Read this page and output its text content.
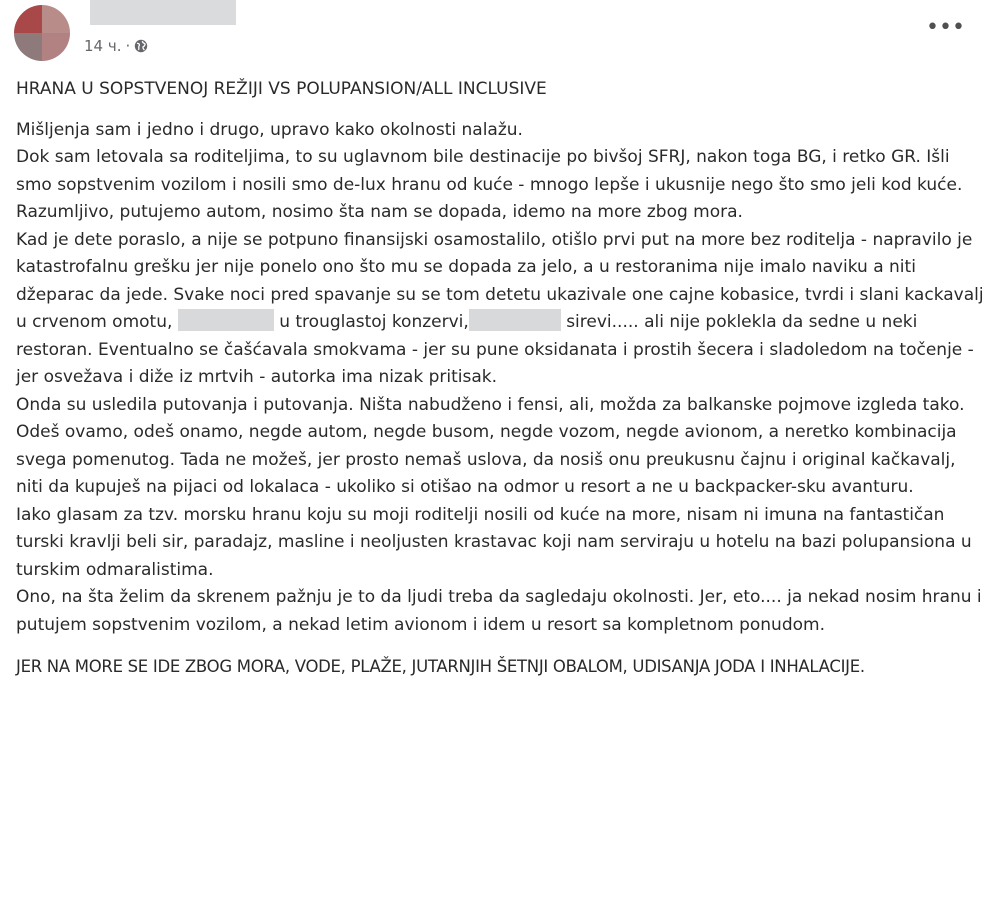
14 ч. ·
•••

HRANA U SOPSTVENOJ REŽIJI VS POLUPANSION/ALL INCLUSIVE

Mišljenja sam i jedno i drugo, upravo kako okolnosti nalažu.

Dok sam letovala sa roditeljima, to su uglavnom bile destinacije po bivšoj SFRJ, nakon toga BG, i retko GR. Išli smo sopstvenim vozilom i nosili smo de-lux hranu od kuće - mnogo lepše i ukusnije nego što smo jeli kod kuće. Razumljivo, putujemo autom, nosimo šta nam se dopada, idemo na more zbog mora.

Kad je dete poraslo, a nije se potpuno finansijski osamostalilo, otišlo prvi put na more bez roditelja - napravilo je katastrofalnu grešku jer nije ponelo ono što mu se dopada za jelo, a u restoranima nije imalo naviku a niti džeparac da jede. Svake noci pred spavanje su se tom detetu ukazivale one cajne kobasice, tvrdi i slani kackavalj u crvenom omotu,	u trouglastoj konzervi,	sirevi..... ali nije poklekla da sedne u neki restoran. Eventualno se čašćavala smokvama - jer su pune oksidanata i prostih šecera i sladoledom na točenje - jer osvežava i diže iz mrtvih - autorka ima nizak pritisak.

Onda su usledila putovanja i putovanja. Ništa nabudženo i fensi, ali, možda za balkanske pojmove izgleda tako.

Odeš ovamo, odeš onamo, negde autom, negde busom, negde vozom, negde avionom, a neretko kombinacija svega pomenutog. Tada ne možeš, jer prosto nemaš uslova, da nosiš onu preukusnu čajnu i original kačkavalj, niti da kupuješ na pijaci od lokalaca - ukoliko si otišao na odmor u resort a ne u backpacker-sku avanturu.

Iako glasam za tzv. morsku hranu koju su moji roditelji nosili od kuće na more, nisam ni imuna na fantastičan turski kravlji beli sir, paradajz, masline i neoljusten krastavac koji nam serviraju u hotelu na bazi polupansiona u turskim odmaralistima.

Ono, na šta želim da skrenem pažnju je to da ljudi treba da sagledaju okolnosti. Jer, eto.... ja nekad nosim hranu i putujem sopstvenim vozilom, a nekad letim avionom i idem u resort sa kompletnom ponudom.

JER NA MORE SE IDE ZBOG MORA, VODE, PLAŽE, JUTARNJIH ŠETNJI OBALOM, UDISANJA JODA I INHALACIJE.
